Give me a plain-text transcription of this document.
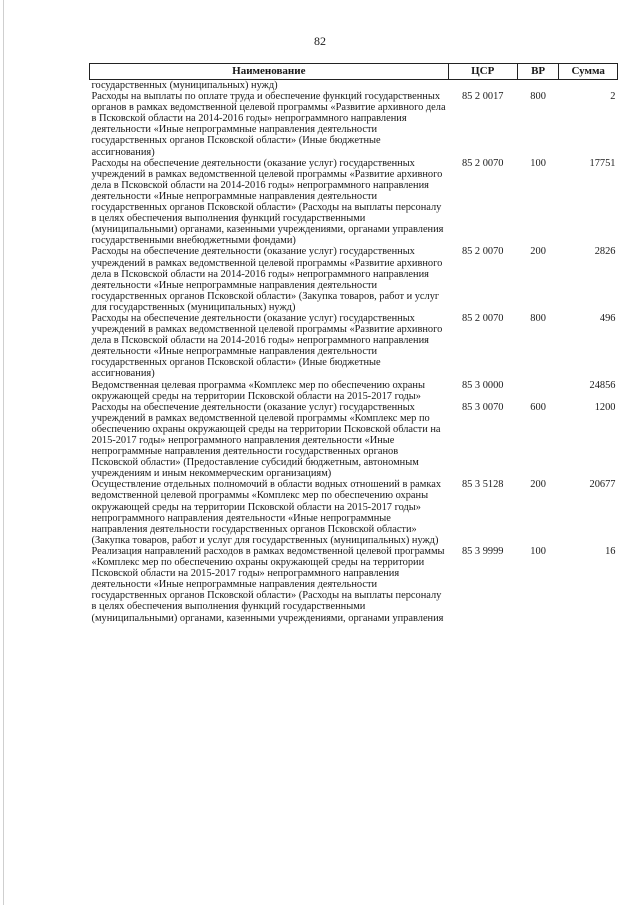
82
Наименование	ЦСР	ВР	Сумма
государственных (муниципальных) нужд)			
Расходы на выплаты по оплате труда и обеспечение функций государственных органов в рамках ведомственной целевой программы «Развитие архивного дела в Псковской области на 2014-2016 годы» непрограммного направления деятельности «Иные непрограммные направления деятельности государственных органов Псковской области» (Иные бюджетные ассигнования)	85 2 0017	800	2
Расходы на обеспечение деятельности (оказание услуг) государственных учреждений в рамках ведомственной целевой программы «Развитие архивного дела в Псковской области на 2014-2016 годы» непрограммного направления деятельности «Иные непрограммные направления деятельности государственных органов Псковской области» (Расходы на выплаты персоналу в целях обеспечения выполнения функций государственными (муниципальными) органами, казенными учреждениями, органами управления государственными внебюджетными фондами)	85 2 0070	100	17751
Расходы на обеспечение деятельности (оказание услуг) государственных учреждений в рамках ведомственной целевой программы «Развитие архивного дела в Псковской области на 2014-2016 годы» непрограммного направления деятельности «Иные непрограммные направления деятельности государственных органов Псковской области» (Закупка товаров, работ и услуг для государственных (муниципальных) нужд)	85 2 0070	200	2826
Расходы на обеспечение деятельности (оказание услуг) государственных учреждений в рамках ведомственной целевой программы «Развитие архивного дела в Псковской области на 2014-2016 годы» непрограммного направления деятельности «Иные непрограммные направления деятельности государственных органов Псковской области» (Иные бюджетные ассигнования)	85 2 0070	800	496
Ведомственная целевая программа «Комплекс мер по обеспечению охраны окружающей среды на территории Псковской области на 2015-2017 годы»	85 3 0000		24856
Расходы на обеспечение деятельности (оказание услуг) государственных учреждений в рамках ведомственной целевой программы «Комплекс мер по обеспечению охраны окружающей среды на территории Псковской области на 2015-2017 годы» непрограммного направления деятельности «Иные непрограммные направления деятельности государственных органов Псковской области» (Предоставление субсидий бюджетным, автономным учреждениям и иным некоммерческим организациям)	85 3 0070	600	1200
Осуществление отдельных полномочий в области водных отношений в рамках ведомственной целевой программы «Комплекс мер по обеспечению охраны окружающей среды на территории Псковской области на 2015-2017 годы» непрограммного направления деятельности «Иные непрограммные направления деятельности государственных органов Псковской области» (Закупка товаров, работ и услуг для государственных (муниципальных) нужд)	85 3 5128	200	20677
Реализация направлений расходов в рамках ведомственной целевой программы «Комплекс мер по обеспечению охраны окружающей среды на территории Псковской области на 2015-2017 годы» непрограммного направления деятельности «Иные непрограммные направления деятельности государственных органов Псковской области» (Расходы на выплаты персоналу в целях обеспечения выполнения функций государственными (муниципальными) органами, казенными учреждениями, органами управления	85 3 9999	100	16
